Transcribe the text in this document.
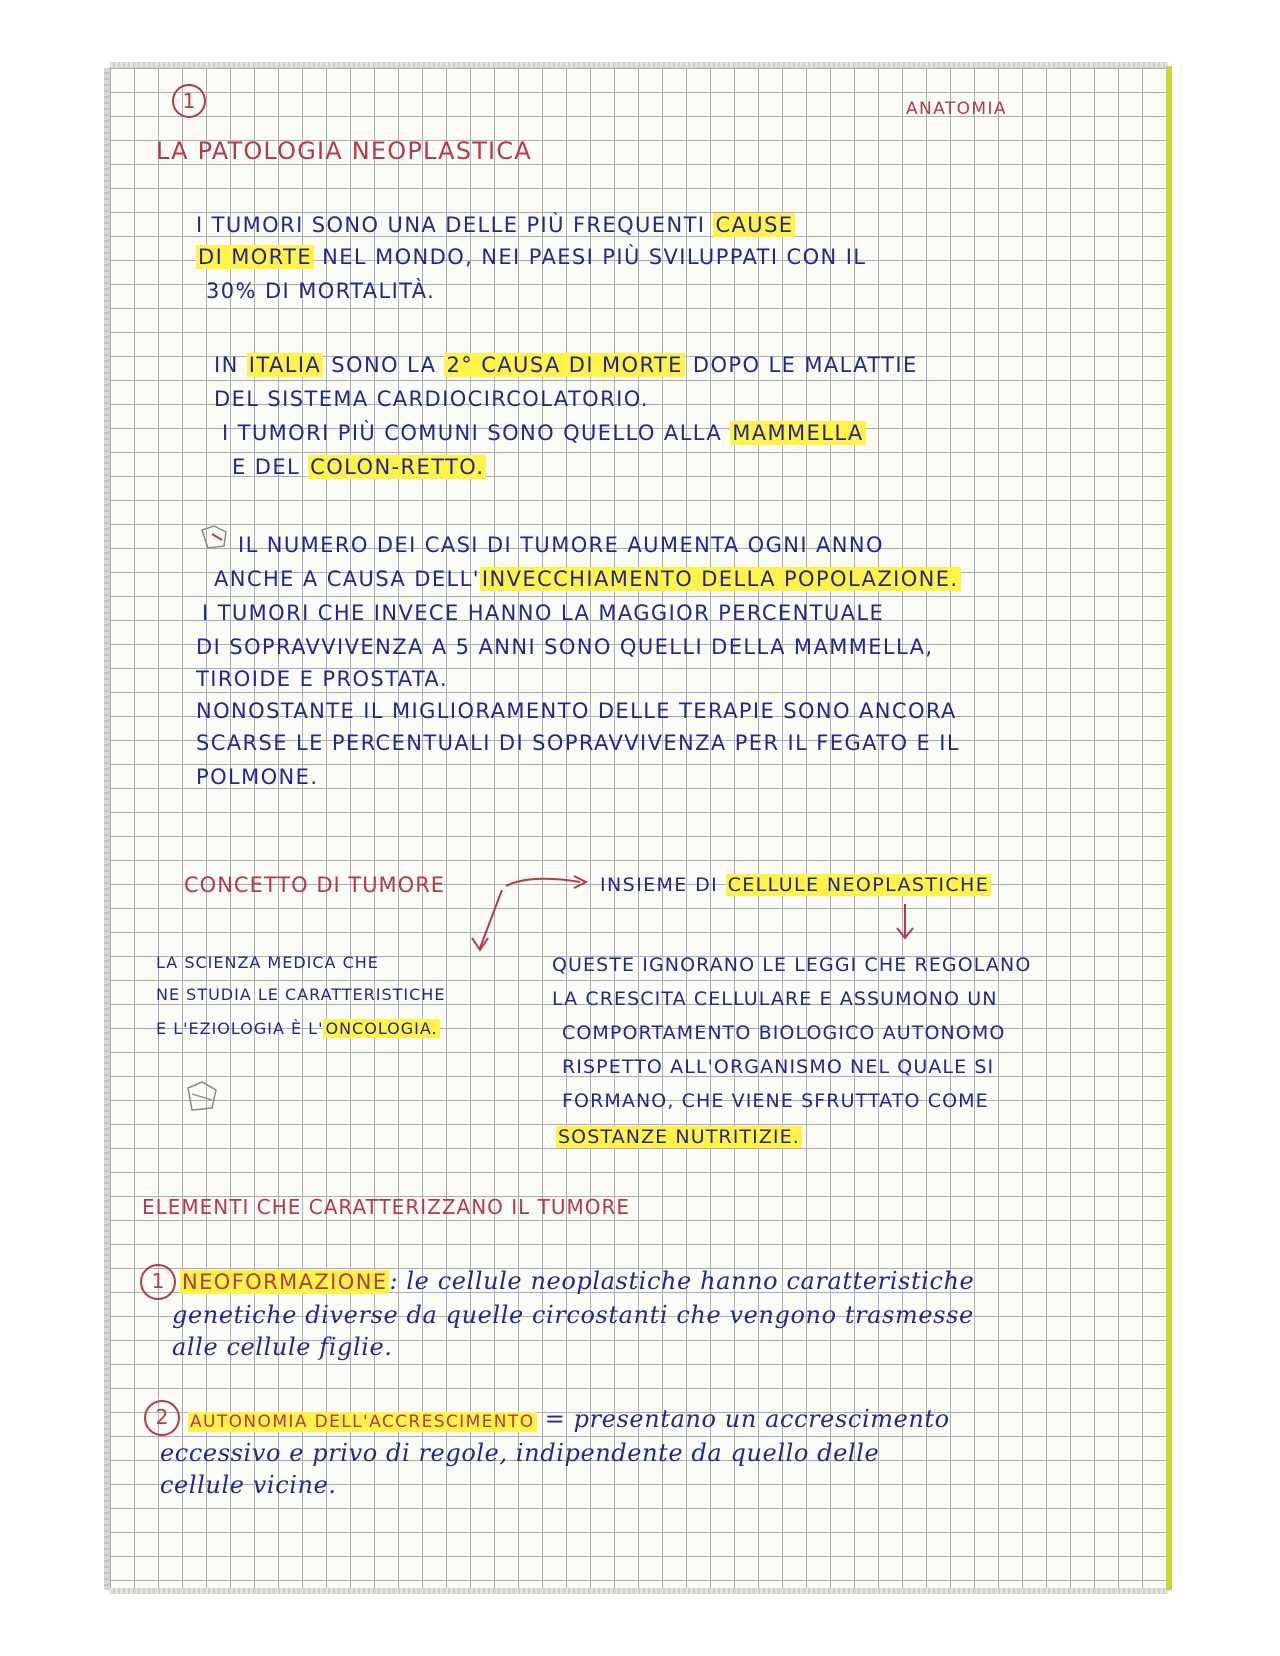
1	ANATOMIA
LA PATOLOGIA NEOPLASTICA
I TUMORI SONO UNA DELLE PIÙ FREQUENTI CAUSE
DI MORTE NEL MONDO, NEI PAESI PIÙ SVILUPPATI CON IL
30% DI MORTALITÀ.
IN ITALIA SONO LA 2° CAUSA DI MORTE DOPO LE MALATTIE
DEL SISTEMA CARDIOCIRCOLATORIO.
I TUMORI PIÙ COMUNI SONO QUELLO ALLA MAMMELLA
E DEL COLON-RETTO.
IL NUMERO DEI CASI DI TUMORE AUMENTA OGNI ANNO
ANCHE A CAUSA DELL'INVECCHIAMENTO DELLA POPOLAZIONE.
I TUMORI CHE INVECE HANNO LA MAGGIOR PERCENTUALE
DI SOPRAVVIVENZA A 5 ANNI SONO QUELLI DELLA MAMMELLA,
TIROIDE E PROSTATA.
NONOSTANTE IL MIGLIORAMENTO DELLE TERAPIE SONO ANCORA
SCARSE LE PERCENTUALI DI SOPRAVVIVENZA PER IL FEGATO E IL
POLMONE.
CONCETTO DI TUMORE	INSIEME DI CELLULE NEOPLASTICHE
LA SCIENZA MEDICA CHE
NE STUDIA LE CARATTERISTICHE
E L'EZIOLOGIA È L' ONCOLOGIA.
QUESTE IGNORANO LE LEGGI CHE REGOLANO
LA CRESCITA CELLULARE E ASSUMONO UN
COMPORTAMENTO BIOLOGICO AUTONOMO
RISPETTO ALL'ORGANISMO NEL QUALE SI
FORMANO, CHE VIENE SFRUTTATO COME
SOSTANZE NUTRITIZIE.
ELEMENTI CHE CARATTERIZZANO IL TUMORE
1 NEOFORMAZIONE: le cellule neoplastiche hanno caratteristiche
genetiche diverse da quelle circostanti che vengono trasmesse
alle cellule figlie.
2	AUTONOMIA DELL'ACCRESCIMENTO = presentano un accrescimento
eccessivo e privo di regole, indipendente da quello delle
cellule vicine.
